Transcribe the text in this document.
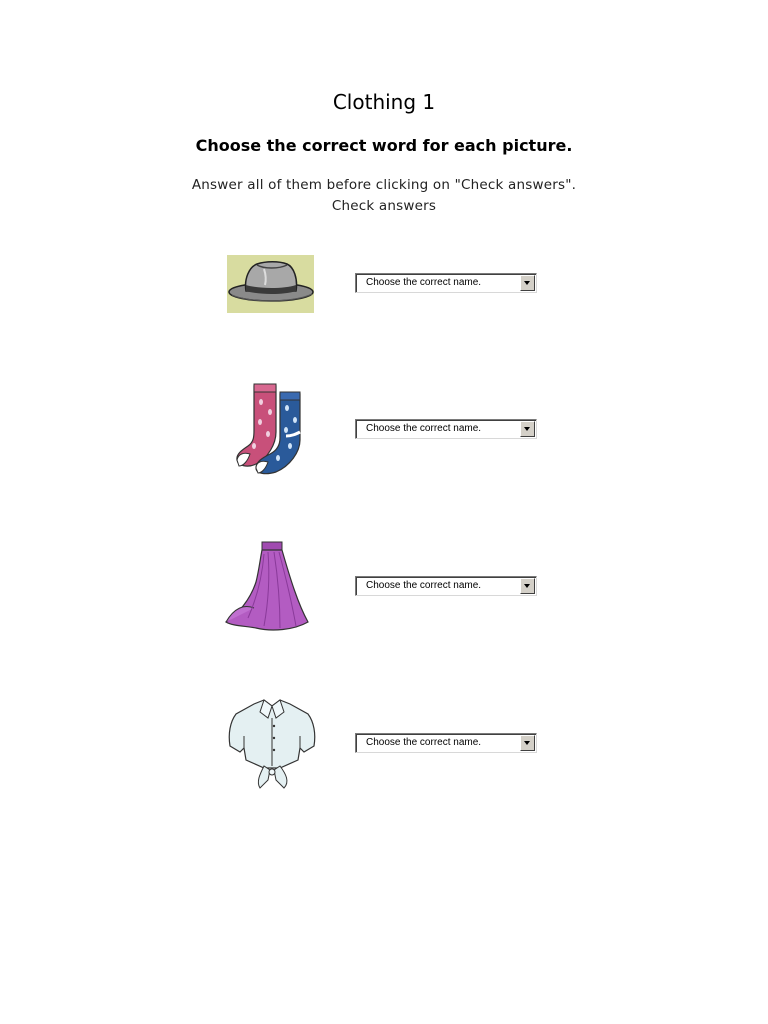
Clothing 1
Choose the correct word for each picture.
Answer all of them before clicking on "Check answers".
Check answers
Choose the correct name.
Choose the correct name.
Choose the correct name.
Choose the correct name.
